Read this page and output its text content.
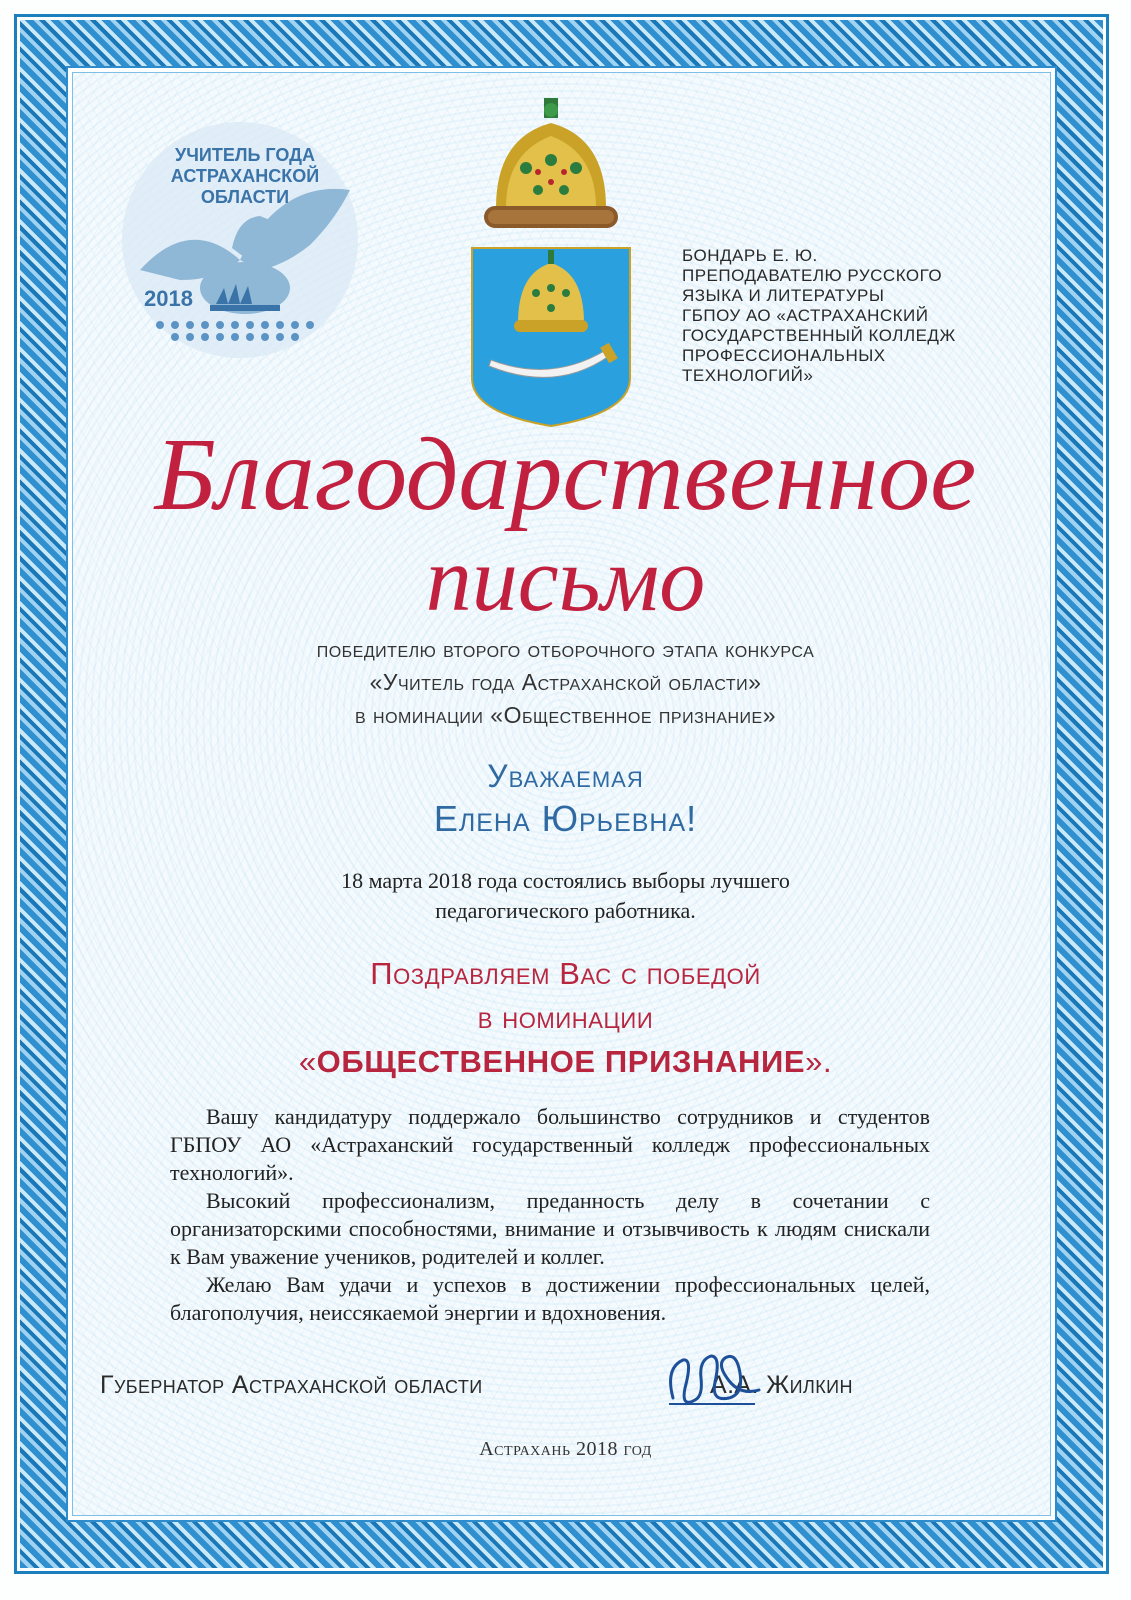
УЧИТЕЛЬ ГОДА
АСТРАХАНСКОЙ
ОБЛАСТИ
2018
БОНДАРЬ Е. Ю.
ПРЕПОДАВАТЕЛЮ РУССКОГО
ЯЗЫКА И ЛИТЕРАТУРЫ
ГБПОУ АО «АСТРАХАНСКИЙ
ГОСУДАРСТВЕННЫЙ КОЛЛЕДЖ
ПРОФЕССИОНАЛЬНЫХ
ТЕХНОЛОГИЙ»
Благодарственное
письмо
победителю второго отборочного этапа конкурса
«Учитель года Астраханской области»
в номинации «Общественное признание»
Уважаемая
Елена Юрьевна!
18 марта 2018 года состоялись выборы лучшего
педагогического работника.
Поздравляем Вас с победой
в номинации
«ОБЩЕСТВЕННОЕ ПРИЗНАНИЕ».

Вашу кандидатуру поддержало большинство сотрудников и студентов ГБПОУ АО «Астраханский государственный колледж профессиональных технологий».

Высокий профессионализм, преданность делу в сочетании с организаторскими способностями, внимание и отзывчивость к людям снискали к Вам уважение учеников, родителей и коллег.

Желаю Вам удачи и успехов в достижении профессиональных целей, благополучия, неиссякаемой энергии и вдохновения.

Губернатор Астраханской области	А.А. Жилкин
Астрахань 2018 год
